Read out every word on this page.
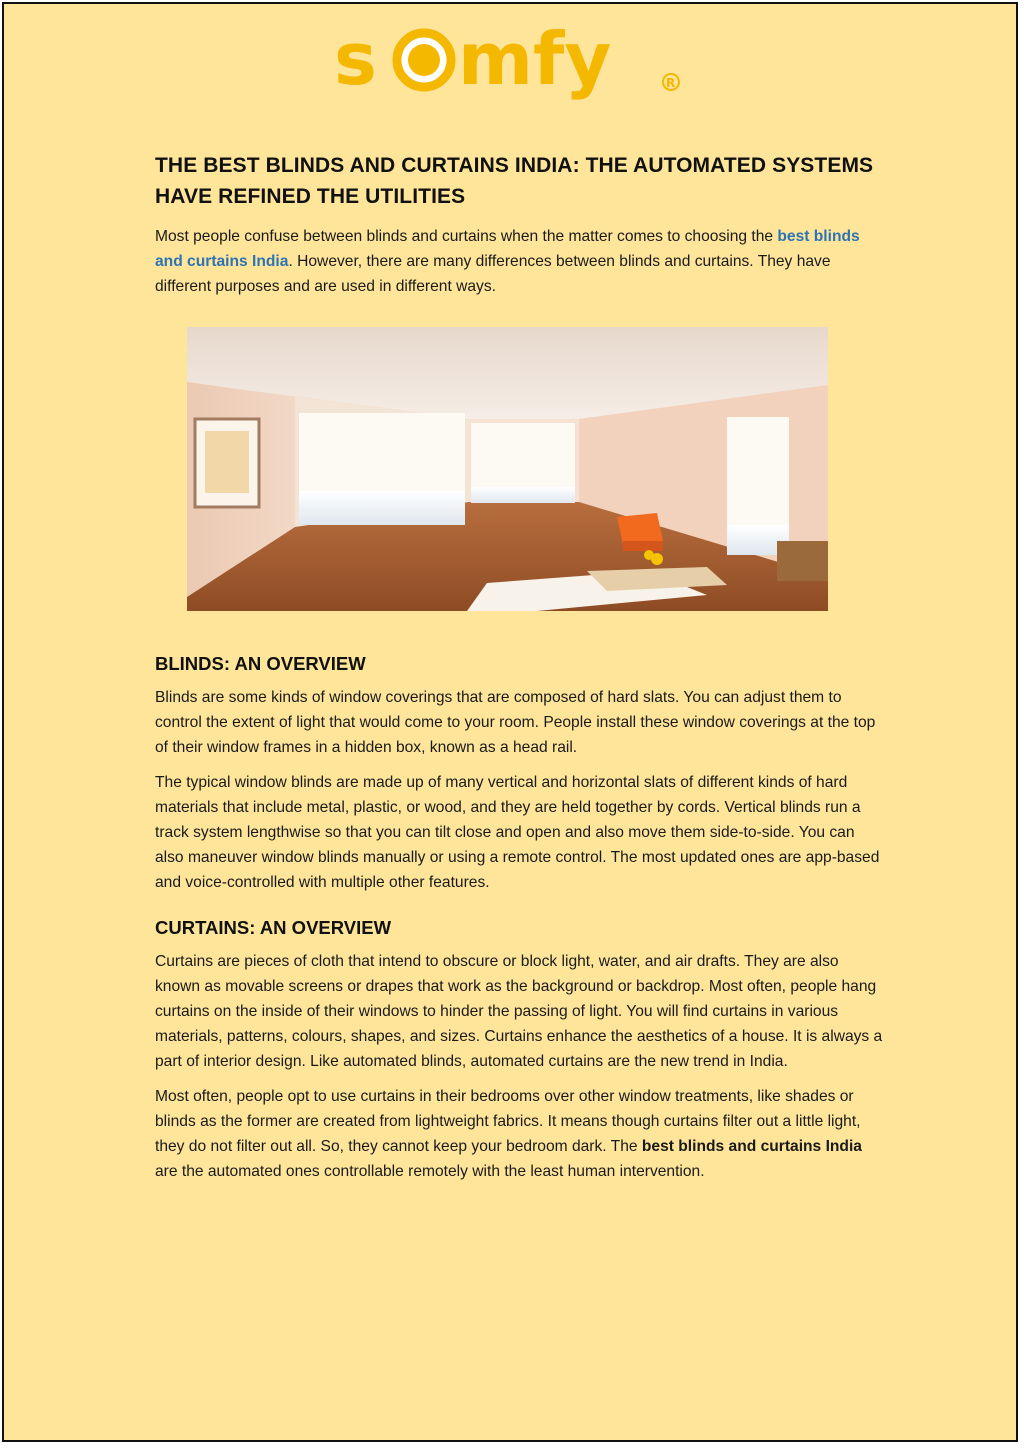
s mfy	R
THE BEST BLINDS AND CURTAINS INDIA: THE AUTOMATED SYSTEMS HAVE REFINED THE UTILITIES

Most people confuse between blinds and curtains when the matter comes to choosing the best blinds and curtains India. However, there are many differences between blinds and curtains. They have different purposes and are used in different ways.

BLINDS: AN OVERVIEW

Blinds are some kinds of window coverings that are composed of hard slats. You can adjust them to control the extent of light that would come to your room. People install these window coverings at the top of their window frames in a hidden box, known as a head rail.

The typical window blinds are made up of many vertical and horizontal slats of different kinds of hard materials that include metal, plastic, or wood, and they are held together by cords. Vertical blinds run a track system lengthwise so that you can tilt close and open and also move them side-to-side. You can also maneuver window blinds manually or using a remote control. The most updated ones are app-based and voice-controlled with multiple other features.

CURTAINS: AN OVERVIEW

Curtains are pieces of cloth that intend to obscure or block light, water, and air drafts. They are also known as movable screens or drapes that work as the background or backdrop. Most often, people hang curtains on the inside of their windows to hinder the passing of light. You will find curtains in various materials, patterns, colours, shapes, and sizes. Curtains enhance the aesthetics of a house. It is always a part of interior design. Like automated blinds, automated curtains are the new trend in India.

Most often, people opt to use curtains in their bedrooms over other window treatments, like shades or blinds as the former are created from lightweight fabrics. It means though curtains filter out a little light, they do not filter out all. So, they cannot keep your bedroom dark. The best blinds and curtains India are the automated ones controllable remotely with the least human intervention.
